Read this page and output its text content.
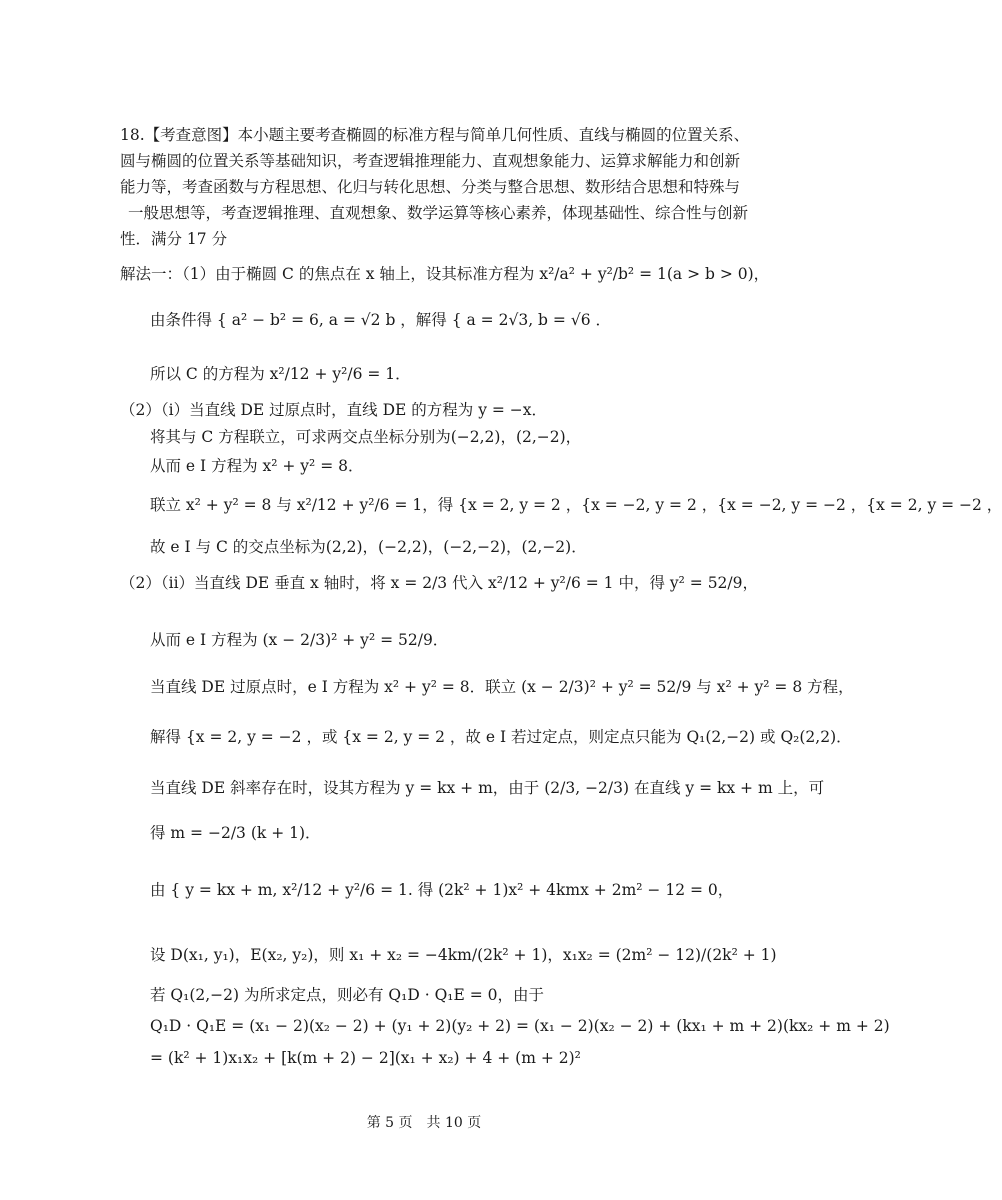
18.【考查意图】本小题主要考查椭圆的标准方程与简单几何性质、直线与椭圆的位置关系、
圆与椭圆的位置关系等基础知识，考查逻辑推理能力、直观想象能力、运算求解能力和创新
能力等，考查函数与方程思想、化归与转化思想、分类与整合思想、数形结合思想和特殊与
一般思想等，考查逻辑推理、直观想象、数学运算等核心素养，体现基础性、综合性与创新
性．满分 17 分
解法一：（1）由于椭圆 C 的焦点在 x 轴上，设其标准方程为 x²/a² + y²/b² = 1(a > b > 0)，
由条件得 { a² − b² = 6, a = √2 b ，解得 { a = 2√3, b = √6 ．
所以 C 的方程为 x²/12 + y²/6 = 1．
（2）（i）当直线 DE 过原点时，直线 DE 的方程为 y = −x．
将其与 C 方程联立，可求两交点坐标分别为(−2,2)，(2,−2)，
从而 e I 方程为 x² + y² = 8．
联立 x² + y² = 8 与 x²/12 + y²/6 = 1，得 {x = 2, y = 2 ，{x = −2, y = 2 ，{x = −2, y = −2 ，{x = 2, y = −2 ，
故 e I 与 C 的交点坐标为(2,2)，(−2,2)，(−2,−2)，(2,−2)．
（2）（ii）当直线 DE 垂直 x 轴时，将 x = 2/3 代入 x²/12 + y²/6 = 1 中，得 y² = 52/9，
从而 e I 方程为 (x − 2/3)² + y² = 52/9．
当直线 DE 过原点时，e I 方程为 x² + y² = 8．联立 (x − 2/3)² + y² = 52/9 与 x² + y² = 8 方程，
解得 {x = 2, y = −2 ，或 {x = 2, y = 2 ，故 e I 若过定点，则定点只能为 Q₁(2,−2) 或 Q₂(2,2)．
当直线 DE 斜率存在时，设其方程为 y = kx + m，由于 (2/3, −2/3) 在直线 y = kx + m 上，可
得 m = −2/3 (k + 1)．
由 { y = kx + m, x²/12 + y²/6 = 1. 得 (2k² + 1)x² + 4kmx + 2m² − 12 = 0，
设 D(x₁, y₁)，E(x₂, y₂)，则 x₁ + x₂ = −4km/(2k² + 1)，x₁x₂ = (2m² − 12)/(2k² + 1)
若 Q₁(2,−2) 为所求定点，则必有 Q₁D · Q₁E = 0，由于
Q₁D · Q₁E = (x₁ − 2)(x₂ − 2) + (y₁ + 2)(y₂ + 2) = (x₁ − 2)(x₂ − 2) + (kx₁ + m + 2)(kx₂ + m + 2)
= (k² + 1)x₁x₂ + [k(m + 2) − 2](x₁ + x₂) + 4 + (m + 2)²
第 5 页　共 10 页
